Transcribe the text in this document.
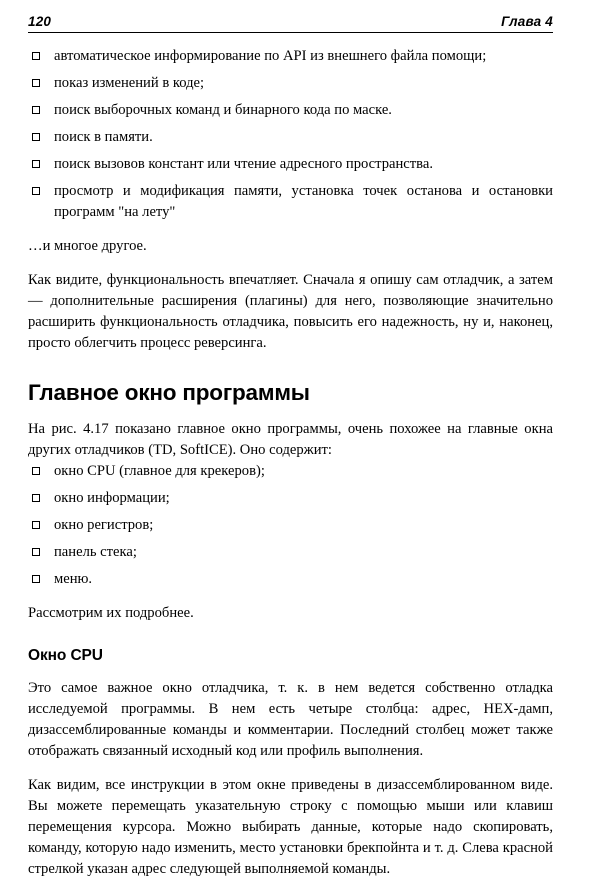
120	Глава 4
автоматическое информирование по API из внешнего файла помощи;
показ изменений в коде;
поиск выборочных команд и бинарного кода по маске.
поиск в памяти.
поиск вызовов констант или чтение адресного пространства.
просмотр и модификация памяти, установка точек останова и остановки программ "на лету"

…и многое другое.

Как видите, функциональность впечатляет. Сначала я опишу сам отладчик, а затем — дополнительные расширения (плагины) для него, позволяющие значительно расширить функциональность отладчика, повысить его надежность, ну и, наконец, просто облегчить процесс реверсинга.

Главное окно программы

На рис. 4.17 показано главное окно программы, очень похожее на главные окна других отладчиков (TD, SoftICE). Оно содержит:

окно CPU (главное для крекеров);
окно информации;
окно регистров;
панель стека;
меню.

Рассмотрим их подробнее.

Окно CPU

Это самое важное окно отладчика, т. к. в нем ведется собственно отладка исследуемой программы. В нем есть четыре столбца: адрес, HEX-дамп, дизассемблированные команды и комментарии. Последний столбец может также отображать связанный исходный код или профиль выполнения.

Как видим, все инструкции в этом окне приведены в дизассемблированном виде. Вы можете перемещать указательную строку с помощью мыши или клавиш перемещения курсора. Можно выбирать данные, которые надо скопировать, команду, которую надо изменить, место установки брекпойнта и т. д. Слева красной стрелкой указан адрес следующей выполняемой команды.
